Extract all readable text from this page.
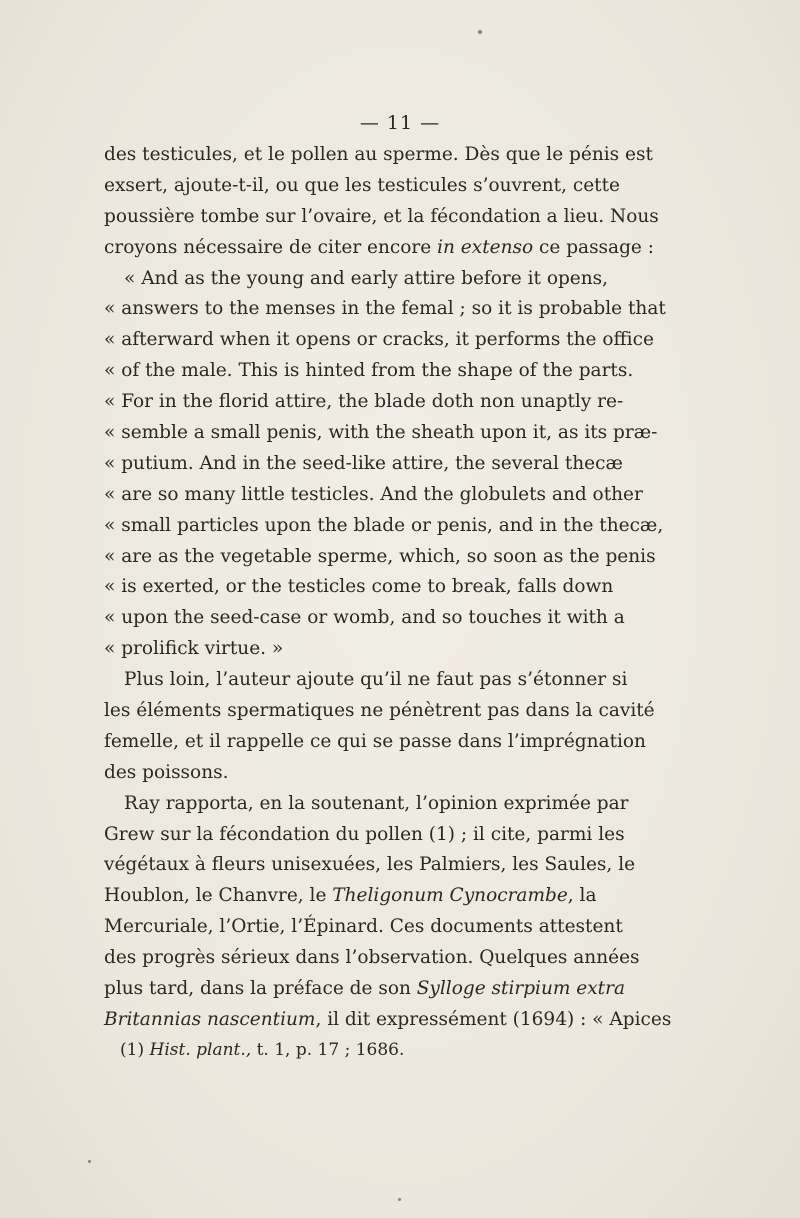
— 11 —
des testicules, et le pollen au sperme. Dès que le pénis est
exsert, ajoute-t-il, ou que les testicules s’ouvrent, cette
poussière tombe sur l’ovaire, et la fécondation a lieu. Nous
croyons nécessaire de citer encore in extenso ce passage :
« And as the young and early attire before it opens,
« answers to the menses in the femal ; so it is probable that
« afterward when it opens or cracks, it performs the office
« of the male. This is hinted from the shape of the parts.
« For in the florid attire, the blade doth non unaptly re-
« semble a small penis, with the sheath upon it, as its præ-
« putium. And in the seed-like attire, the several thecæ
« are so many little testicles. And the globulets and other
« small particles upon the blade or penis, and in the thecæ,
« are as the vegetable sperme, which, so soon as the penis
« is exerted, or the testicles come to break, falls down
« upon the seed-case or womb, and so touches it with a
« prolifick virtue. »
Plus loin, l’auteur ajoute qu’il ne faut pas s’étonner si
les éléments spermatiques ne pénètrent pas dans la cavité
femelle, et il rappelle ce qui se passe dans l’imprégnation
des poissons.
Ray rapporta, en la soutenant, l’opinion exprimée par
Grew sur la fécondation du pollen (1) ; il cite, parmi les
végétaux à fleurs unisexuées, les Palmiers, les Saules, le
Houblon, le Chanvre, le Theligonum Cynocrambe, la
Mercuriale, l’Ortie, l’Épinard. Ces documents attestent
des progrès sérieux dans l’observation. Quelques années
plus tard, dans la préface de son Sylloge stirpium extra
Britannias nascentium, il dit expressément (1694) : « Apices
(1) Hist. plant., t. 1, p. 17 ; 1686.
